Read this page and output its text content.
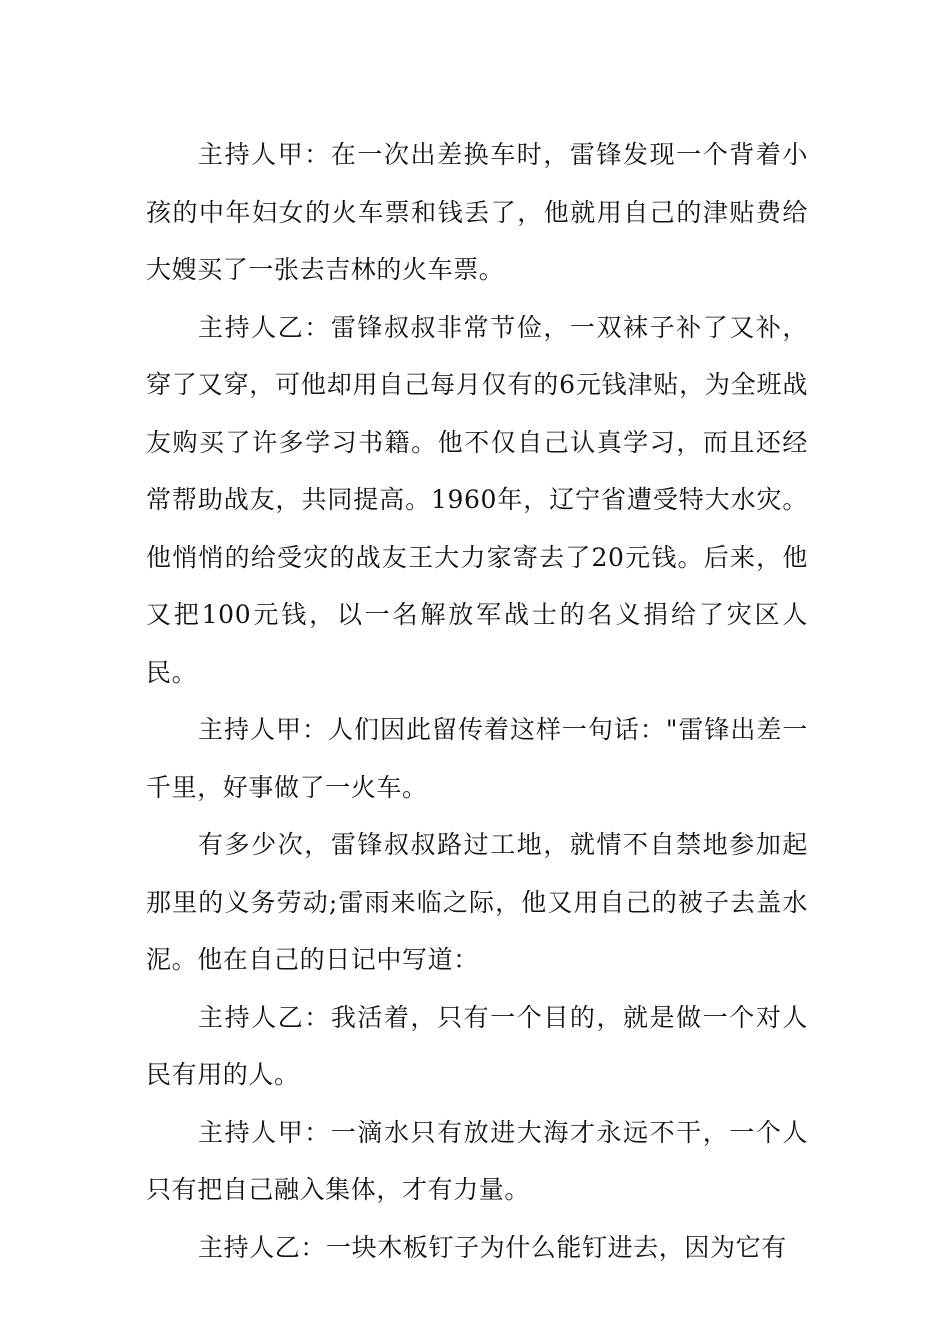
主持人甲：在一次出差换车时，雷锋发现一个背着小孩的中年妇女的火车票和钱丢了，他就用自己的津贴费给大嫂买了一张去吉林的火车票。

主持人乙：雷锋叔叔非常节俭，一双袜子补了又补，穿了又穿，可他却用自己每月仅有的6元钱津贴，为全班战友购买了许多学习书籍。他不仅自己认真学习，而且还经常帮助战友，共同提高。1960年，辽宁省遭受特大水灾。他悄悄的给受灾的战友王大力家寄去了20元钱。后来，他又把100元钱，以一名解放军战士的名义捐给了灾区人民。

主持人甲：人们因此留传着这样一句话："雷锋出差一千里，好事做了一火车。

有多少次，雷锋叔叔路过工地，就情不自禁地参加起那里的义务劳动;雷雨来临之际，他又用自己的被子去盖水泥。他在自己的日记中写道：

主持人乙：我活着，只有一个目的，就是做一个对人民有用的人。

主持人甲：一滴水只有放进大海才永远不干，一个人只有把自己融入集体，才有力量。

主持人乙：一块木板钉子为什么能钉进去，因为它有
